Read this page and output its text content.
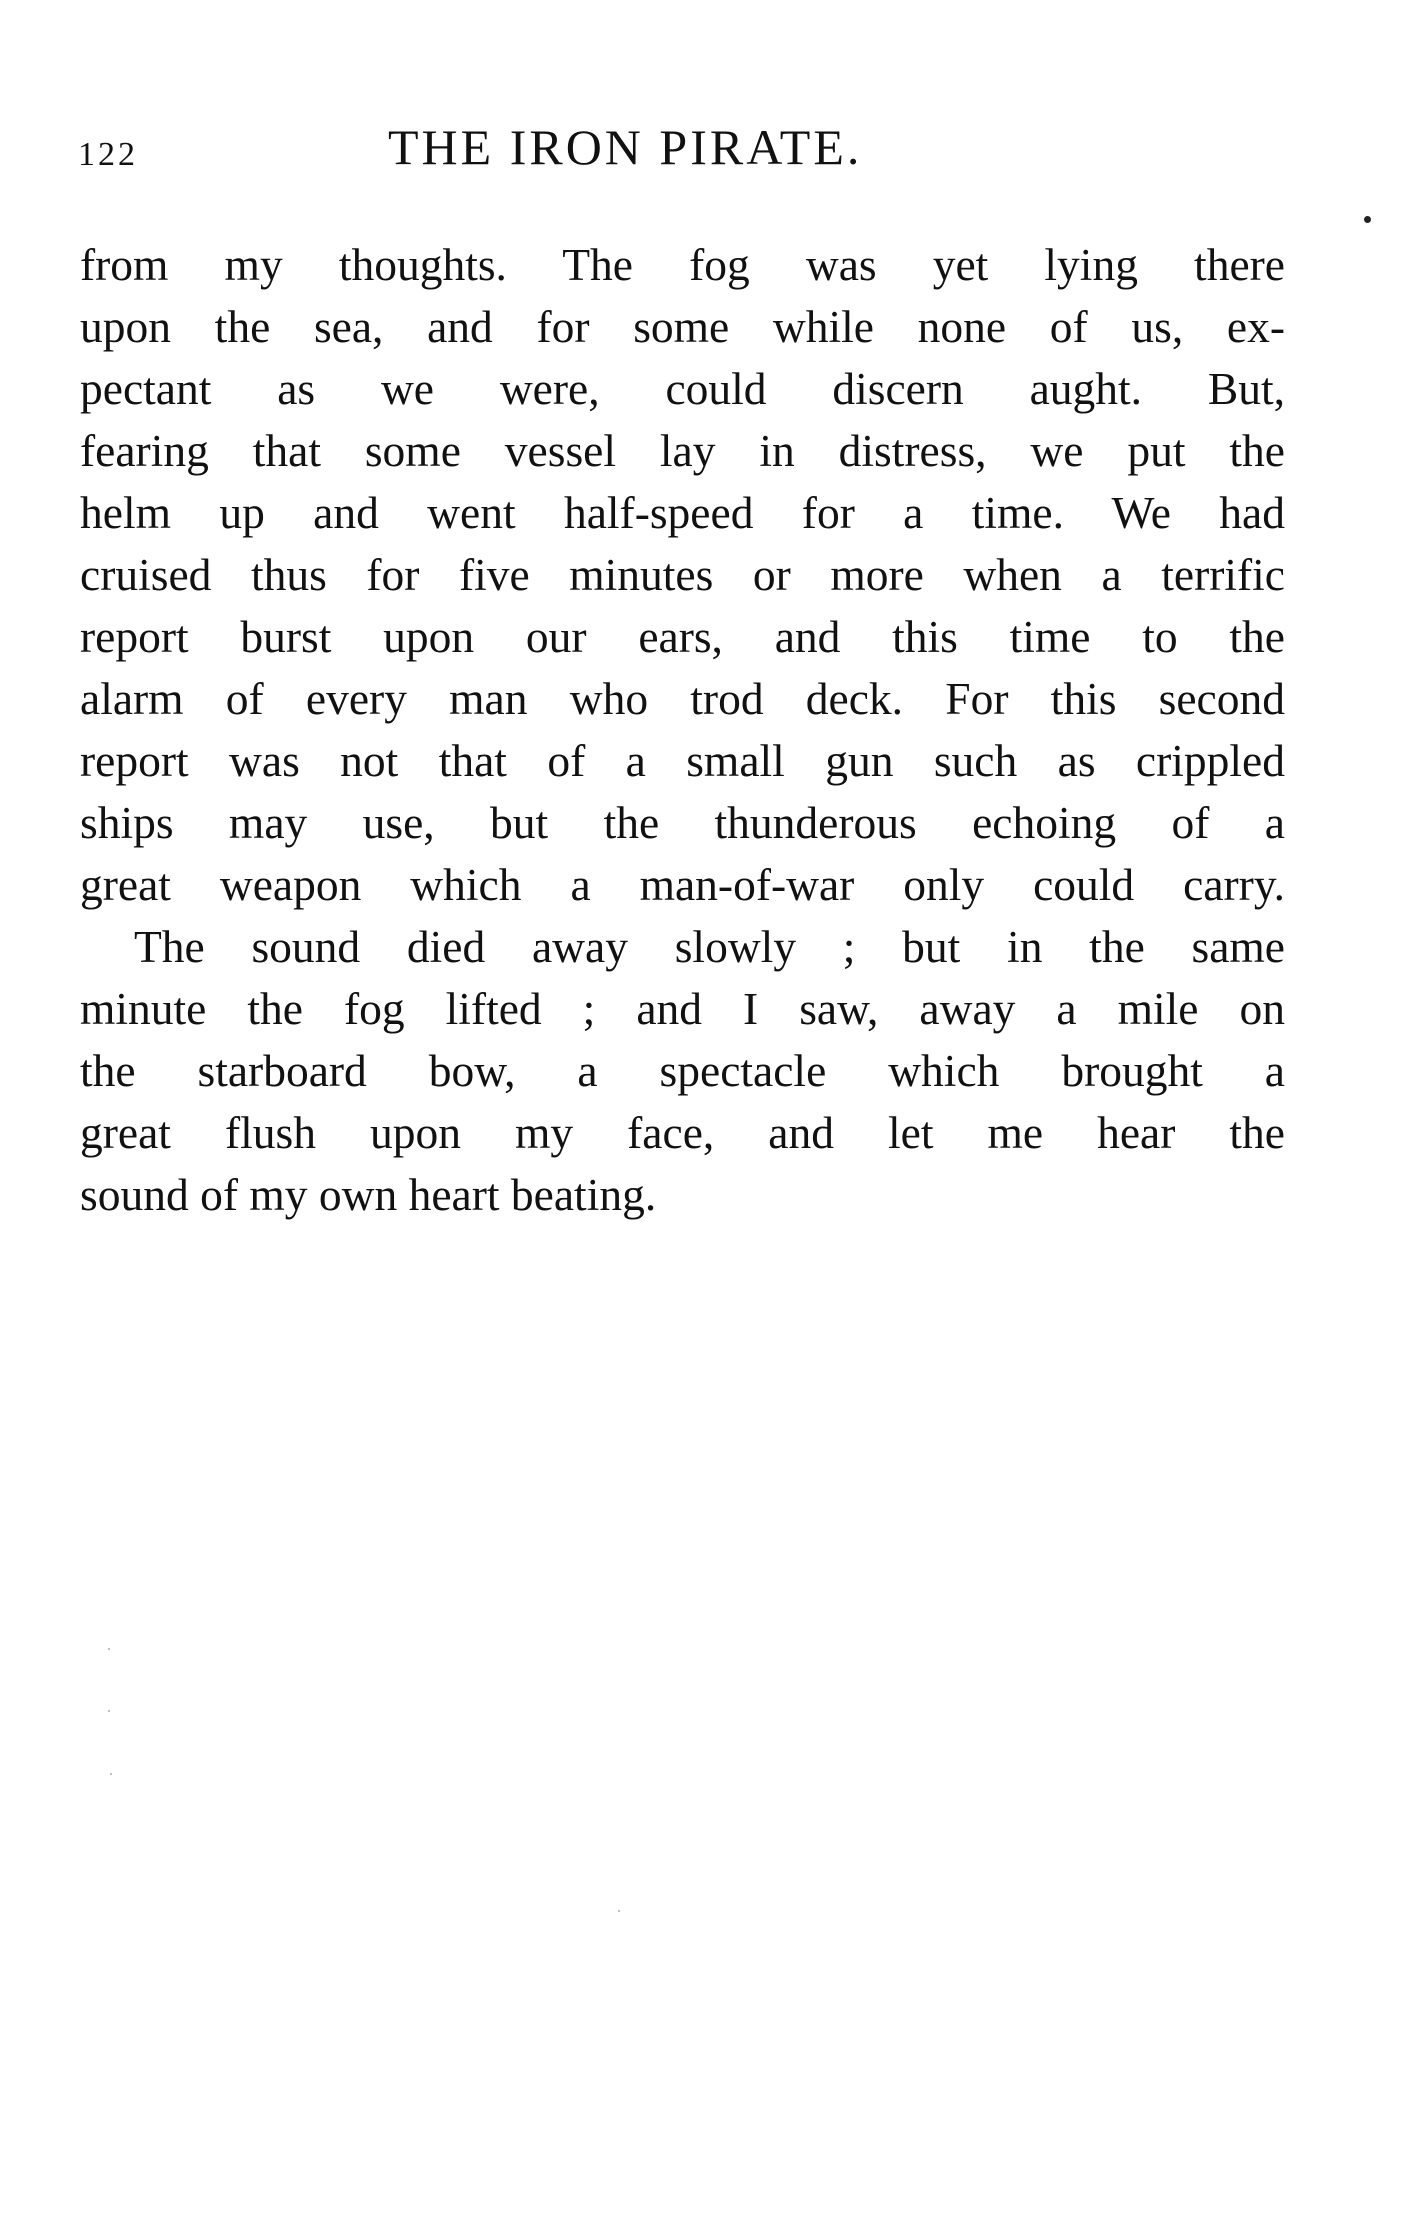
122	THE IRON PIRATE.
from my thoughts. The fog was yet lying there
upon the sea, and for some while none of us, ex-
pectant as we were, could discern aught. But,
fearing that some vessel lay in distress, we put the
helm up and went half-speed for a time. We had
cruised thus for five minutes or more when a terrific
report burst upon our ears, and this time to the
alarm of every man who trod deck. For this second
report was not that of a small gun such as crippled
ships may use, but the thunderous echoing of a
great weapon which a man-of-war only could carry.
The sound died away slowly ; but in the same
minute the fog lifted ; and I saw, away a mile on
the starboard bow, a spectacle which brought a
great flush upon my face, and let me hear the
sound of my own heart beating.
